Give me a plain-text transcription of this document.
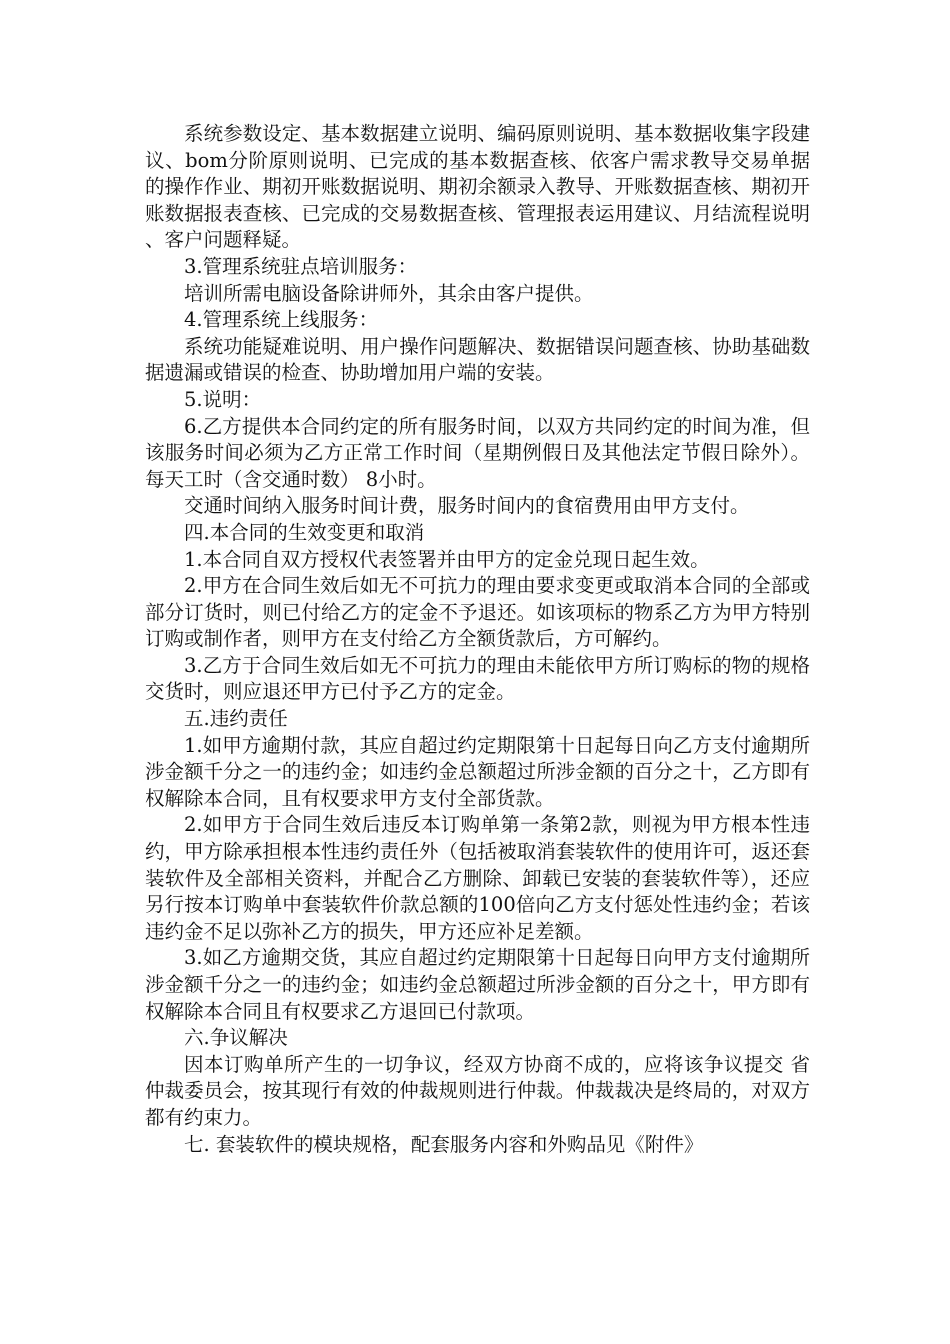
系统参数设定、基本数据建立说明、编码原则说明、基本数据收集字段建议、bom分阶原则说明、已完成的基本数据查核、依客户需求教导交易单据的操作作业、期初开账数据说明、期初余额录入教导、开账数据查核、期初开账数据报表查核、已完成的交易数据查核、管理报表运用建议、月结流程说明、客户问题释疑。

3.管理系统驻点培训服务：

培训所需电脑设备除讲师外，其余由客户提供。

4.管理系统上线服务：

系统功能疑难说明、用户操作问题解决、数据错误问题查核、协助基础数据遗漏或错误的检查、协助增加用户端的安装。

5.说明：

6.乙方提供本合同约定的所有服务时间，以双方共同约定的时间为准，但该服务时间必须为乙方正常工作时间（星期例假日及其他法定节假日除外）。每天工时（含交通时数） 8小时。

交通时间纳入服务时间计费，服务时间内的食宿费用由甲方支付。

四.本合同的生效变更和取消

1.本合同自双方授权代表签署并由甲方的定金兑现日起生效。

2.甲方在合同生效后如无不可抗力的理由要求变更或取消本合同的全部或部分订货时，则已付给乙方的定金不予退还。如该项标的物系乙方为甲方特别订购或制作者，则甲方在支付给乙方全额货款后，方可解约。

3.乙方于合同生效后如无不可抗力的理由未能依甲方所订购标的物的规格交货时，则应退还甲方已付予乙方的定金。

五.违约责任

1.如甲方逾期付款，其应自超过约定期限第十日起每日向乙方支付逾期所涉金额千分之一的违约金；如违约金总额超过所涉金额的百分之十，乙方即有权解除本合同，且有权要求甲方支付全部货款。

2.如甲方于合同生效后违反本订购单第一条第2款，则视为甲方根本性违约，甲方除承担根本性违约责任外（包括被取消套装软件的使用许可，返还套装软件及全部相关资料，并配合乙方删除、卸载已安装的套装软件等），还应另行按本订购单中套装软件价款总额的100倍向乙方支付惩处性违约金；若该违约金不足以弥补乙方的损失，甲方还应补足差额。

3.如乙方逾期交货，其应自超过约定期限第十日起每日向甲方支付逾期所涉金额千分之一的违约金；如违约金总额超过所涉金额的百分之十，甲方即有权解除本合同且有权要求乙方退回已付款项。

六.争议解决

因本订购单所产生的一切争议，经双方协商不成的，应将该争议提交 省 仲裁委员会，按其现行有效的仲裁规则进行仲裁。仲裁裁决是终局的，对双方都有约束力。

七. 套装软件的模块规格，配套服务内容和外购品见《附件》
